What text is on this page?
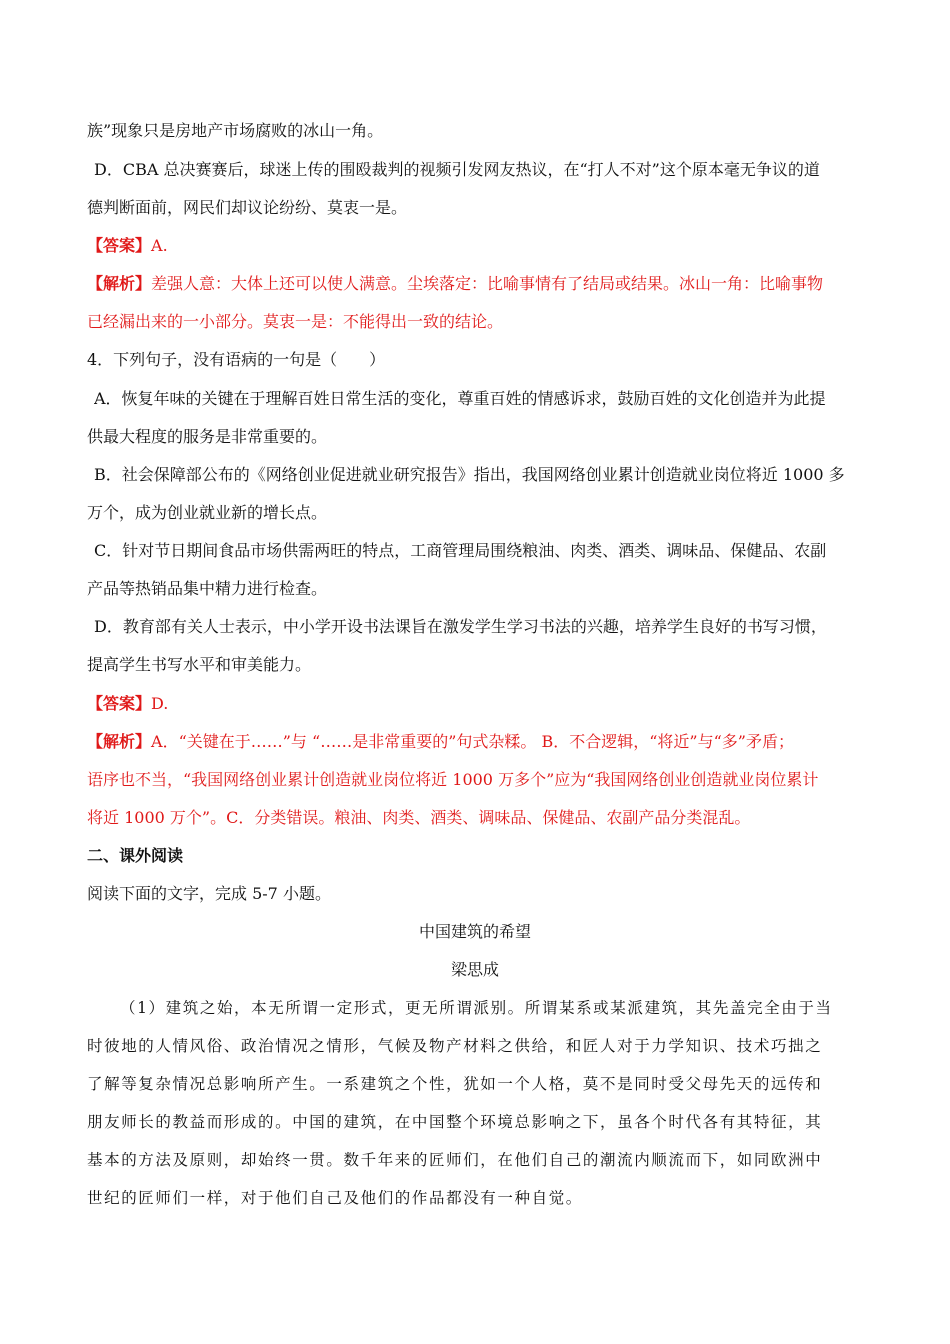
族”现象只是房地产市场腐败的冰山一角。
D．CBA 总决赛赛后，球迷上传的围殴裁判的视频引发网友热议，在“打人不对”这个原本毫无争议的道
德判断面前，网民们却议论纷纷、莫衷一是。
【答案】A.
【解析】差强人意：大体上还可以使人满意。尘埃落定：比喻事情有了结局或结果。冰山一角：比喻事物
已经漏出来的一小部分。莫衷一是：不能得出一致的结论。
4．下列句子，没有语病的一句是（　　）
A．恢复年味的关键在于理解百姓日常生活的变化，尊重百姓的情感诉求，鼓励百姓的文化创造并为此提
供最大程度的服务是非常重要的。
B．社会保障部公布的《网络创业促进就业研究报告》指出，我国网络创业累计创造就业岗位将近 1000 多
万个，成为创业就业新的增长点。
C．针对节日期间食品市场供需两旺的特点，工商管理局围绕粮油、肉类、酒类、调味品、保健品、农副
产品等热销品集中精力进行检查。
D．教育部有关人士表示，中小学开设书法课旨在激发学生学习书法的兴趣，培养学生良好的书写习惯，
提高学生书写水平和审美能力。
【答案】D.
【解析】A．“关键在于……”与 “……是非常重要的”句式杂糅。 B．不合逻辑，“将近”与“多”矛盾；
语序也不当，“我国网络创业累计创造就业岗位将近 1000 万多个”应为“我国网络创业创造就业岗位累计
将近 1000 万个”。C．分类错误。粮油、肉类、酒类、调味品、保健品、农副产品分类混乱。
二、课外阅读
阅读下面的文字，完成 5-7 小题。
中国建筑的希望
梁思成
（1）建筑之始，本无所谓一定形式，更无所谓派别。所谓某系或某派建筑，其先盖完全由于当
时彼地的人情风俗、政治情况之情形，气候及物产材料之供给，和匠人对于力学知识、技术巧拙之
了解等复杂情况总影响所产生。一系建筑之个性，犹如一个人格，莫不是同时受父母先天的远传和
朋友师长的教益而形成的。中国的建筑，在中国整个环境总影响之下，虽各个时代各有其特征，其
基本的方法及原则，却始终一贯。数千年来的匠师们，在他们自己的潮流内顺流而下，如同欧洲中
世纪的匠师们一样，对于他们自己及他们的作品都没有一种自觉。
